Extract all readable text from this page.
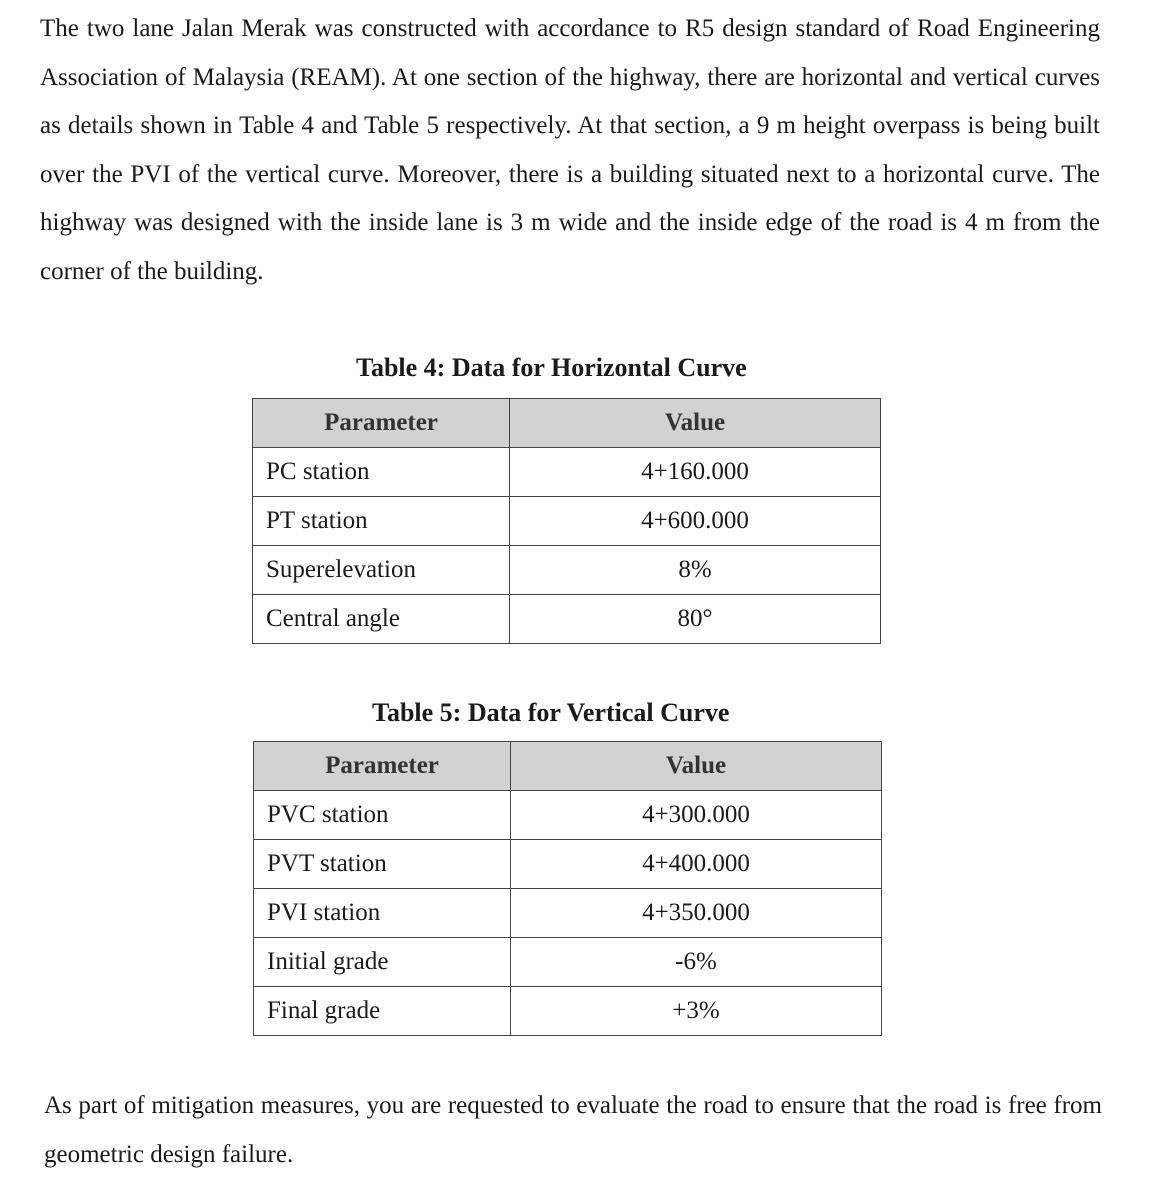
The two lane Jalan Merak was constructed with accordance to R5 design standard of Road Engineering Association of Malaysia (REAM). At one section of the highway, there are horizontal and vertical curves as details shown in Table 4 and Table 5 respectively. At that section, a 9 m height overpass is being built over the PVI of the vertical curve. Moreover, there is a building situated next to a horizontal curve. The highway was designed with the inside lane is 3 m wide and the inside edge of the road is 4 m from the corner of the building.

Table 4: Data for Horizontal Curve
Parameter	Value
PC station	4+160.000
PT station	4+600.000
Superelevation	8%
Central angle	80°
Table 5: Data for Vertical Curve
Parameter	Value
PVC station	4+300.000
PVT station	4+400.000
PVI station	4+350.000
Initial grade	-6%
Final grade	+3%

As part of mitigation measures, you are requested to evaluate the road to ensure that the road is free from geometric design failure.
